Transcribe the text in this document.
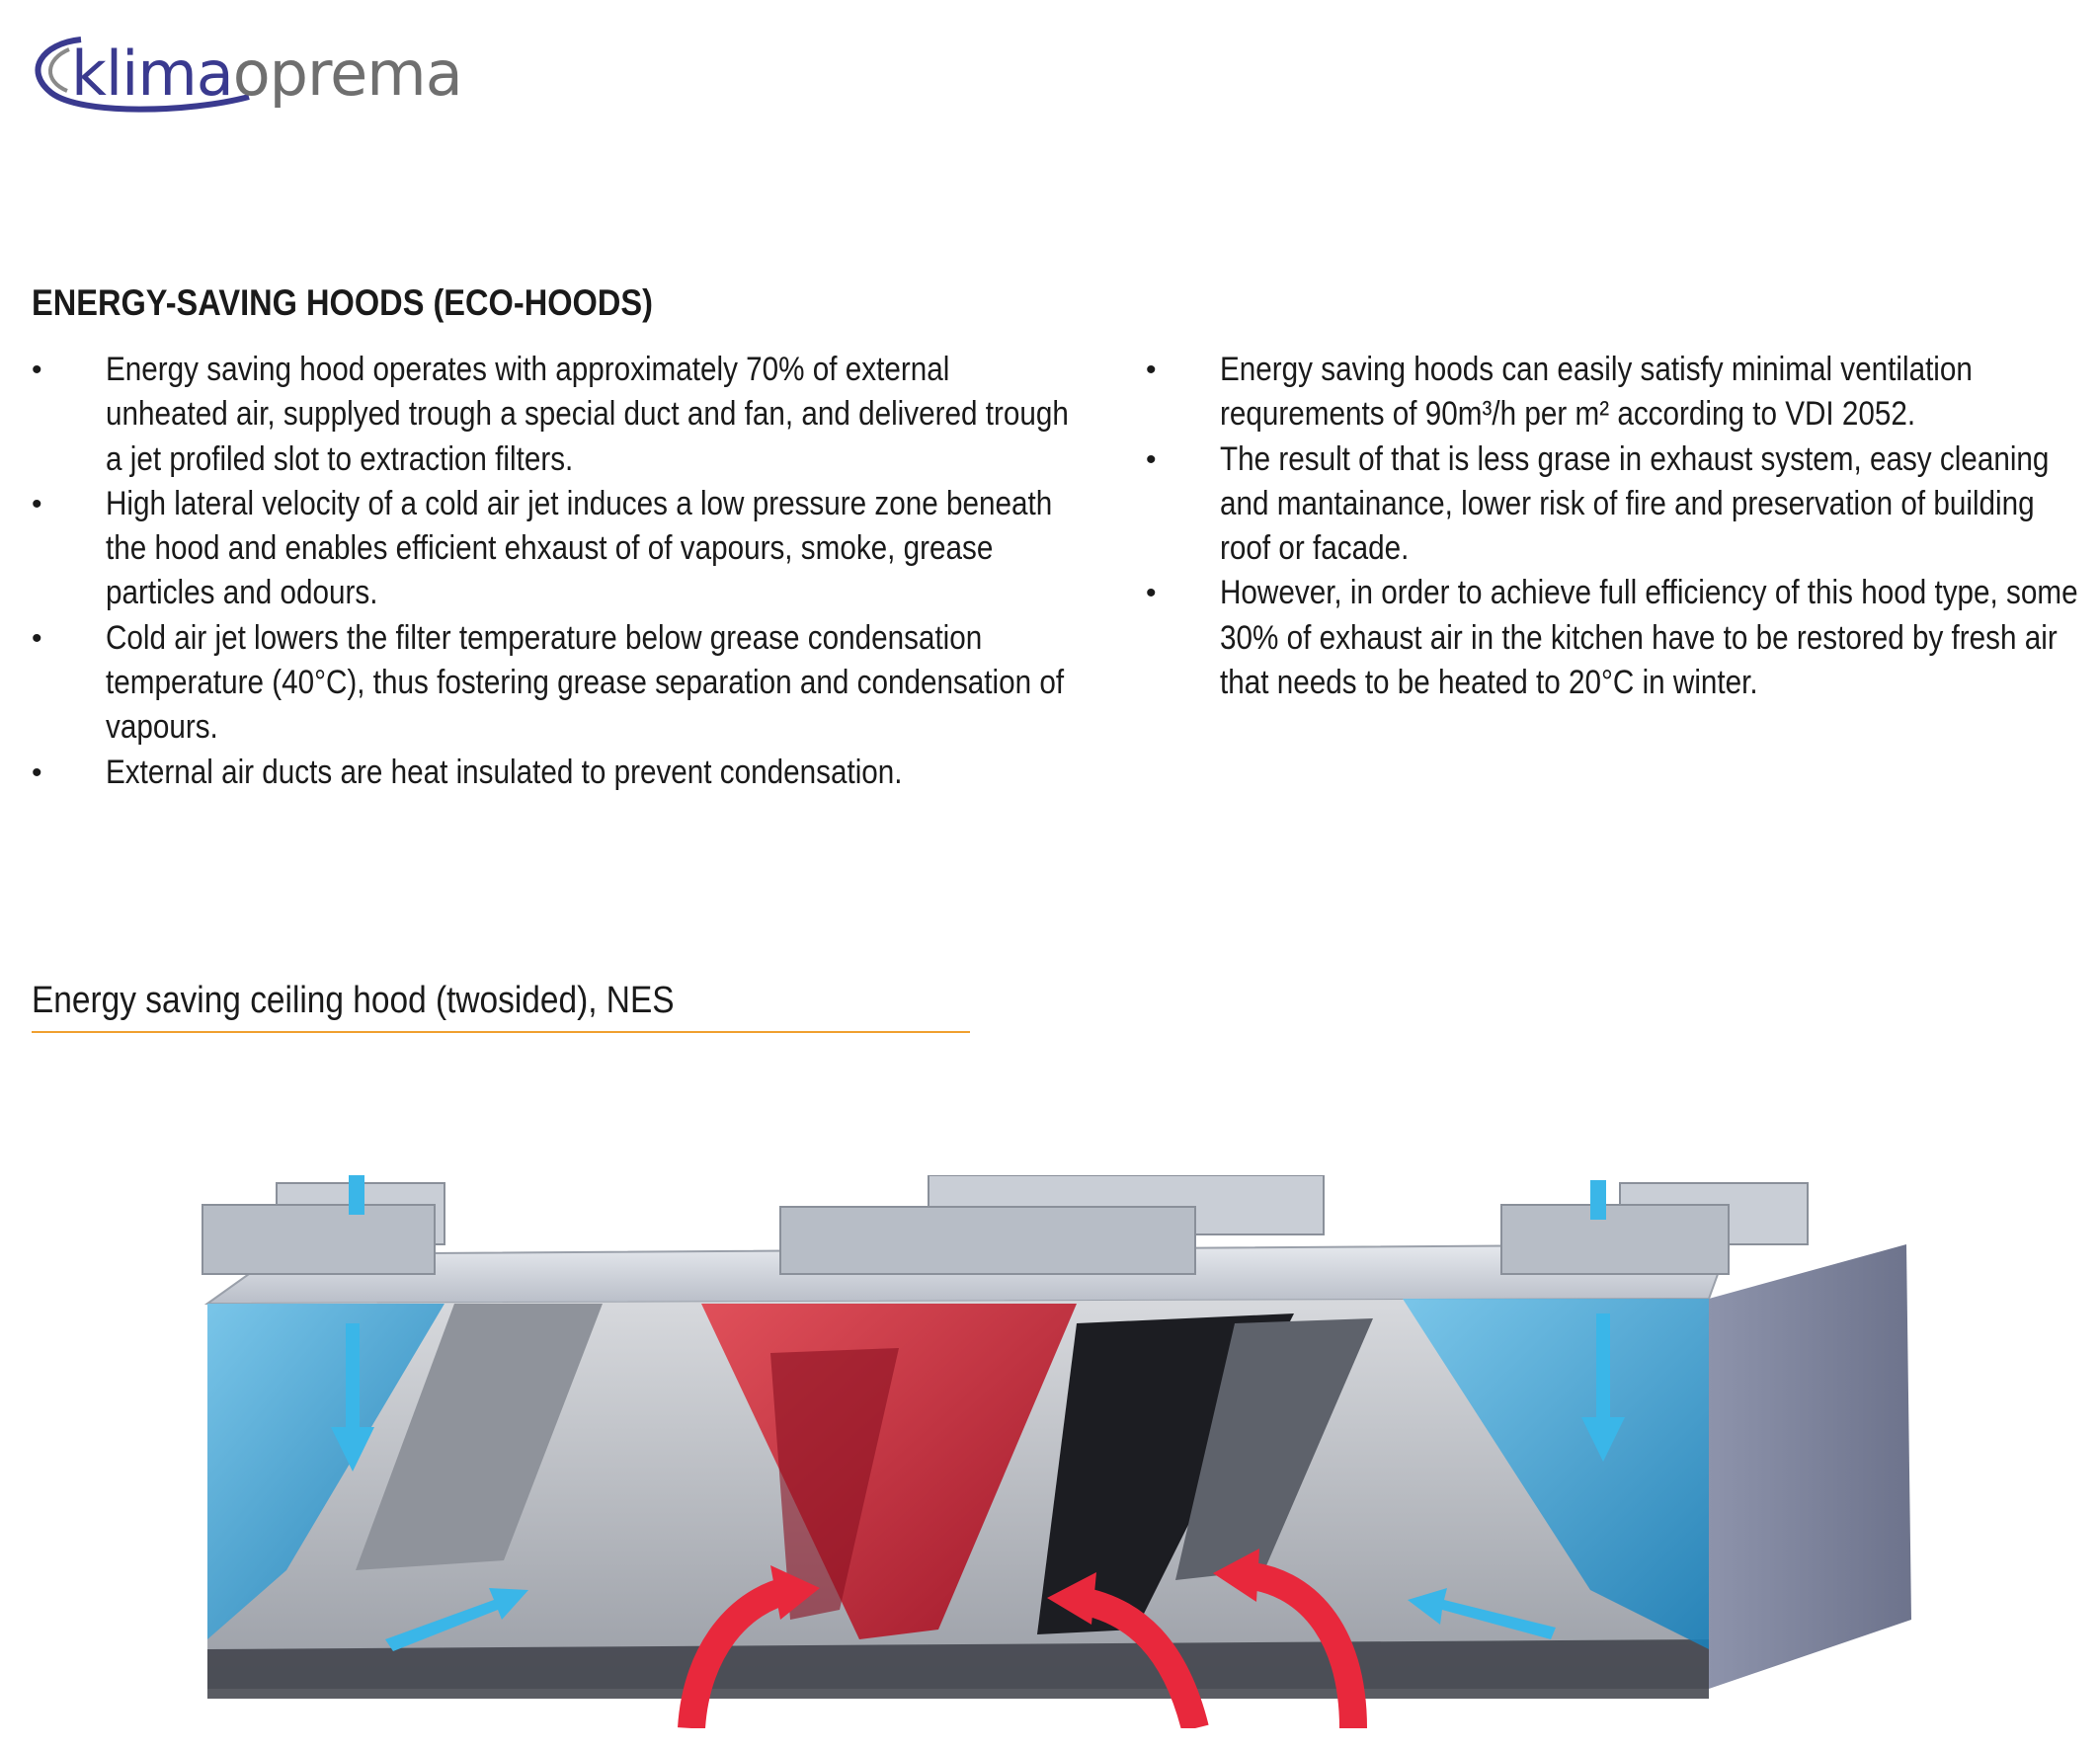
klimaoprema
ENERGY-SAVING HOODS (ECO-HOODS)
• Energy saving hood operates with approximately 70% of external unheated air, supplyed trough a special duct and fan, and delivered trough a jet profiled slot to extraction filters.
• High lateral velocity of a cold air jet induces a low pressure zone beneath the hood and enables efficient ehxaust of of vapours, smoke, grease particles and odours.
• Cold air jet lowers the filter temperature below grease condensation temperature (40°C), thus fostering grease separation and condensation of vapours.
• External air ducts are heat insulated to prevent condensation.
• Energy saving hoods can easily satisfy minimal ventilation requrements of 90m³/h per m² according to VDI 2052.
• The result of that is less grase in exhaust system, easy cleaning and mantainance, lower risk of fire and preservation of building roof or facade.
• However, in order to achieve full efficiency of this hood type, some 30% of exhaust air in the kitchen have to be restored by fresh air that needs to be heated to 20°C in winter.
Energy saving ceiling hood (twosided), NES
